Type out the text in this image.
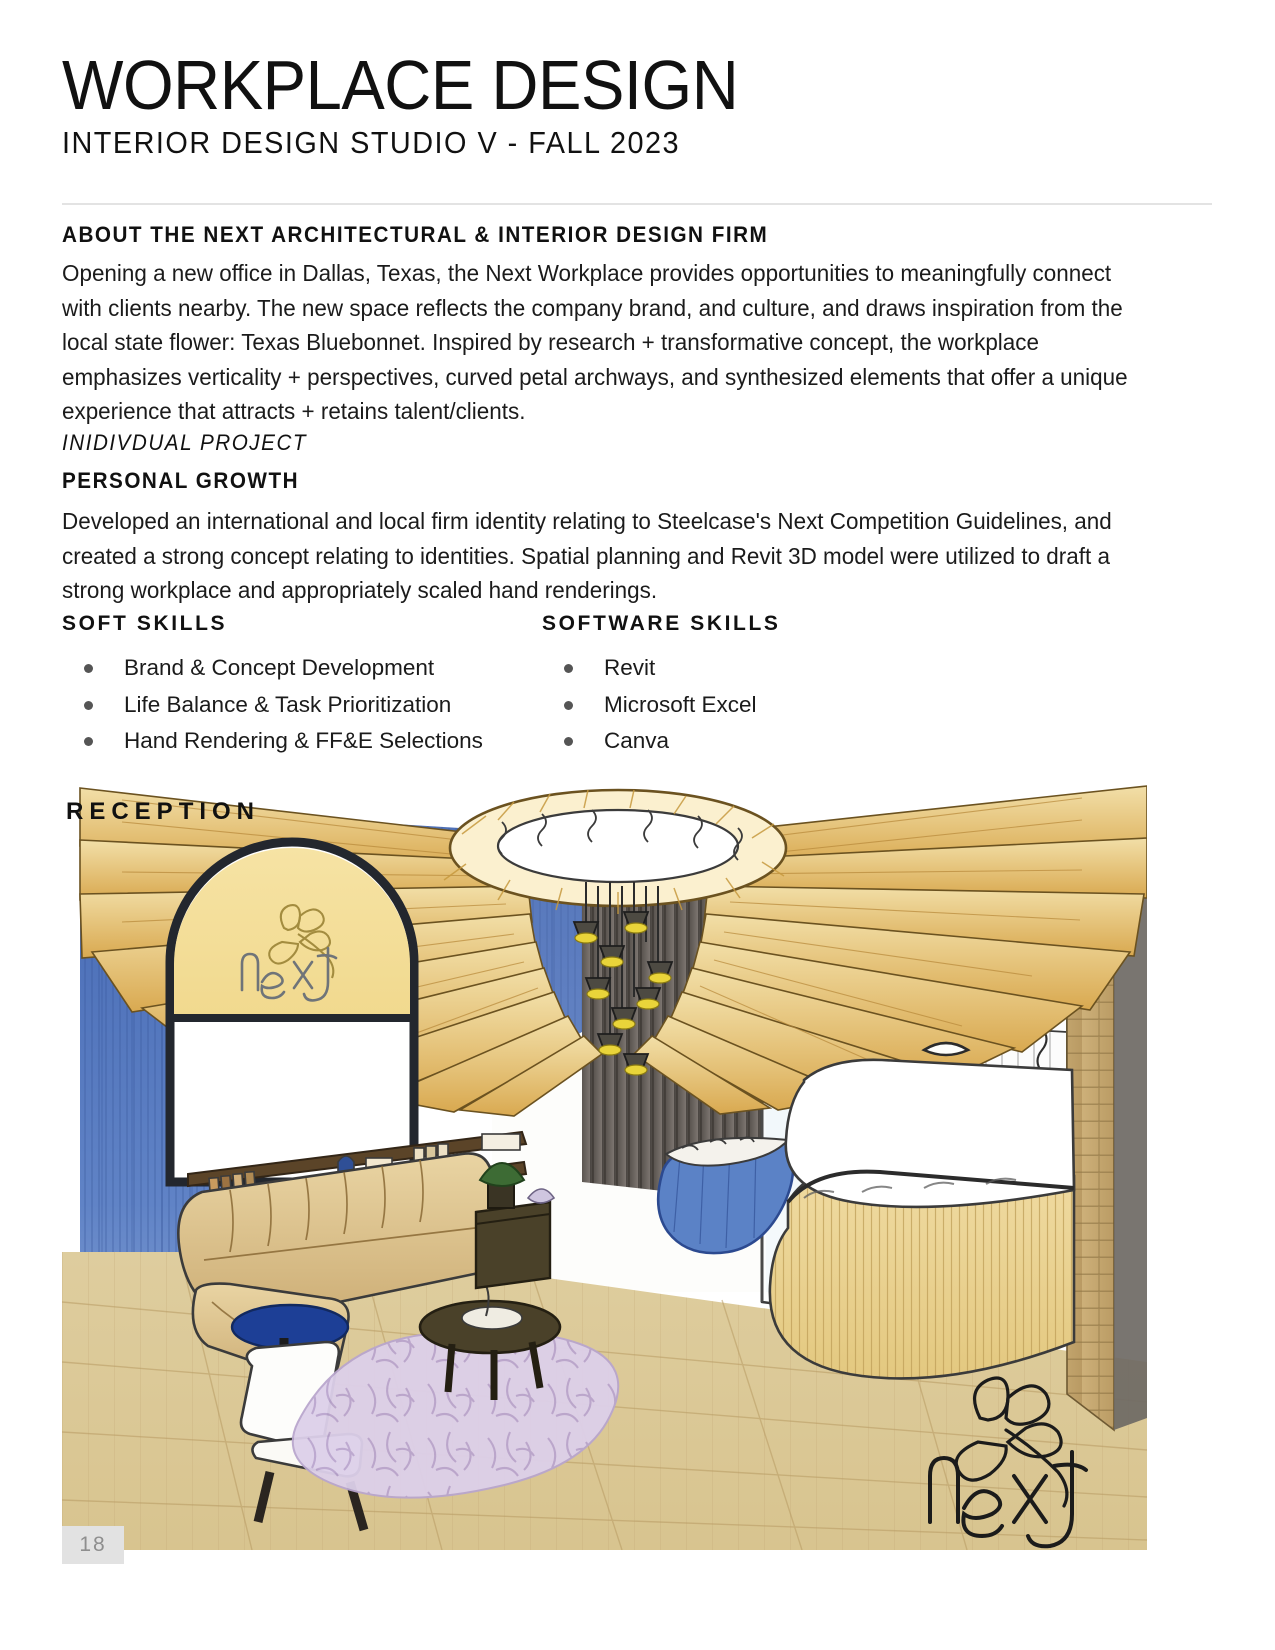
WORKPLACE DESIGN
INTERIOR DESIGN STUDIO V - FALL 2023
ABOUT THE NEXT ARCHITECTURAL & INTERIOR DESIGN FIRM
Opening a new office in Dallas, Texas, the Next Workplace provides opportunities to meaningfully connect with clients nearby. The new space reflects the company brand, and culture, and draws inspiration from the local state flower: Texas Bluebonnet. Inspired by research + transformative concept, the workplace emphasizes verticality + perspectives, curved petal archways, and synthesized elements that offer a unique experience that attracts + retains talent/clients.
INIDIVDUAL PROJECT
PERSONAL GROWTH
Developed an international and local firm identity relating to Steelcase's Next Competition Guidelines, and created a strong concept relating to identities. Spatial planning and Revit 3D model were utilized to draft a strong workplace and appropriately scaled hand renderings.
SOFT SKILLS
Brand & Concept Development
Life Balance & Task Prioritization
Hand Rendering & FF&E Selections
SOFTWARE SKILLS
Revit
Microsoft Excel
Canva
RECEPTION
18
